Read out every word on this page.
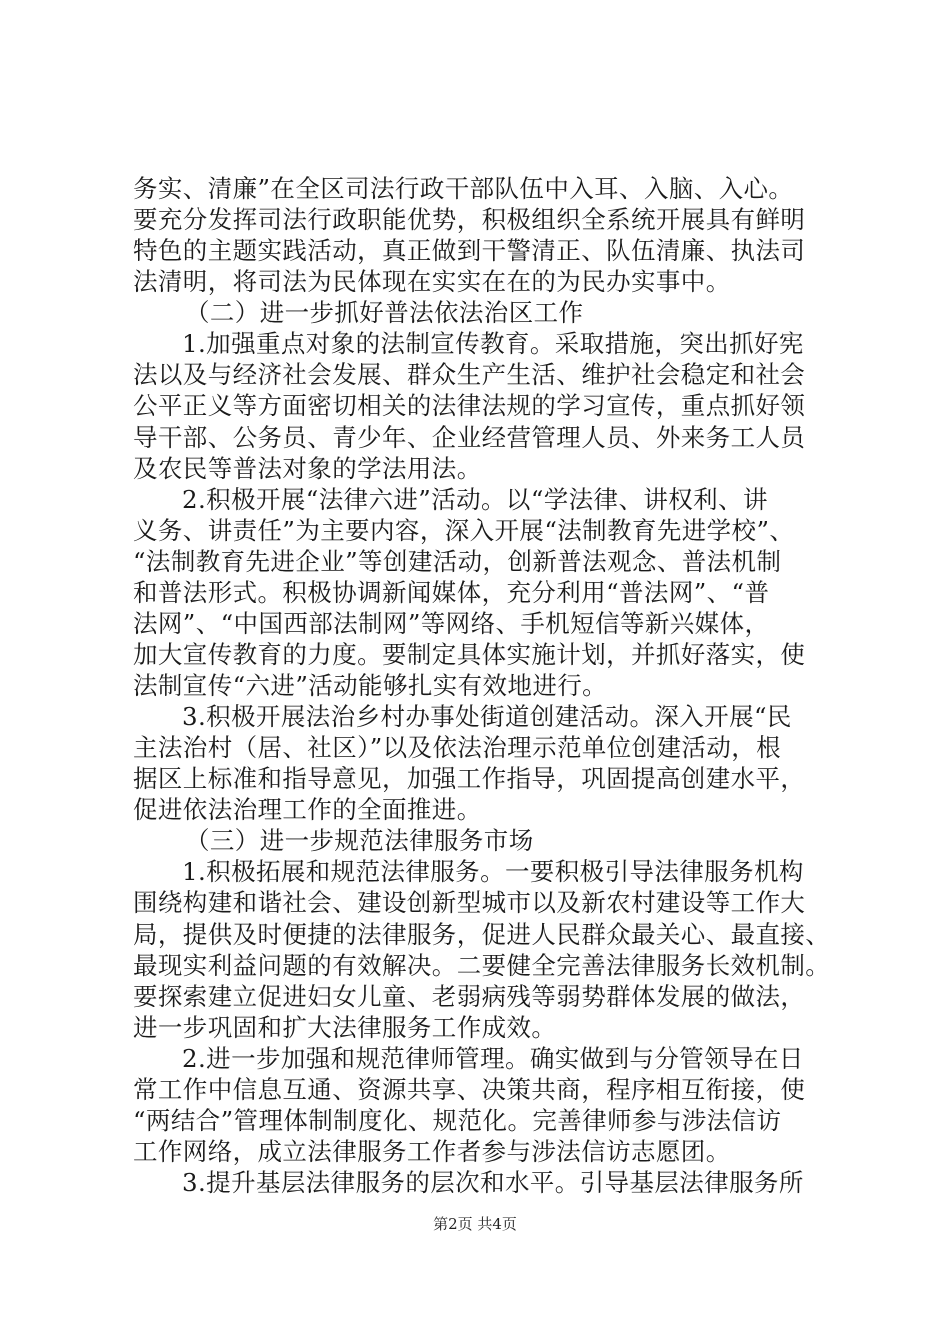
务实、清廉”在全区司法行政干部队伍中入耳、入脑、入心。
要充分发挥司法行政职能优势，积极组织全系统开展具有鲜明
特色的主题实践活动，真正做到干警清正、队伍清廉、执法司
法清明，将司法为民体现在实实在在的为民办实事中。
（二）进一步抓好普法依法治区工作
1.加强重点对象的法制宣传教育。采取措施，突出抓好宪
法以及与经济社会发展、群众生产生活、维护社会稳定和社会
公平正义等方面密切相关的法律法规的学习宣传，重点抓好领
导干部、公务员、青少年、企业经营管理人员、外来务工人员
及农民等普法对象的学法用法。
2.积极开展“法律六进”活动。以“学法律、讲权利、讲
义务、讲责任”为主要内容，深入开展“法制教育先进学校”、
“法制教育先进企业”等创建活动，创新普法观念、普法机制
和普法形式。积极协调新闻媒体，充分利用“普法网”、“普
法网”、“中国西部法制网”等网络、手机短信等新兴媒体，
加大宣传教育的力度。要制定具体实施计划，并抓好落实，使
法制宣传“六进”活动能够扎实有效地进行。
3.积极开展法治乡村办事处街道创建活动。深入开展“民
主法治村（居、社区）”以及依法治理示范单位创建活动，根
据区上标准和指导意见，加强工作指导，巩固提高创建水平，
促进依法治理工作的全面推进。
（三）进一步规范法律服务市场
1.积极拓展和规范法律服务。一要积极引导法律服务机构
围绕构建和谐社会、建设创新型城市以及新农村建设等工作大
局，提供及时便捷的法律服务，促进人民群众最关心、最直接、
最现实利益问题的有效解决。二要健全完善法律服务长效机制。
要探索建立促进妇女儿童、老弱病残等弱势群体发展的做法，
进一步巩固和扩大法律服务工作成效。
2.进一步加强和规范律师管理。确实做到与分管领导在日
常工作中信息互通、资源共享、决策共商，程序相互衔接，使
“两结合”管理体制制度化、规范化。完善律师参与涉法信访
工作网络，成立法律服务工作者参与涉法信访志愿团。
3.提升基层法律服务的层次和水平。引导基层法律服务所
第2页 共4页
